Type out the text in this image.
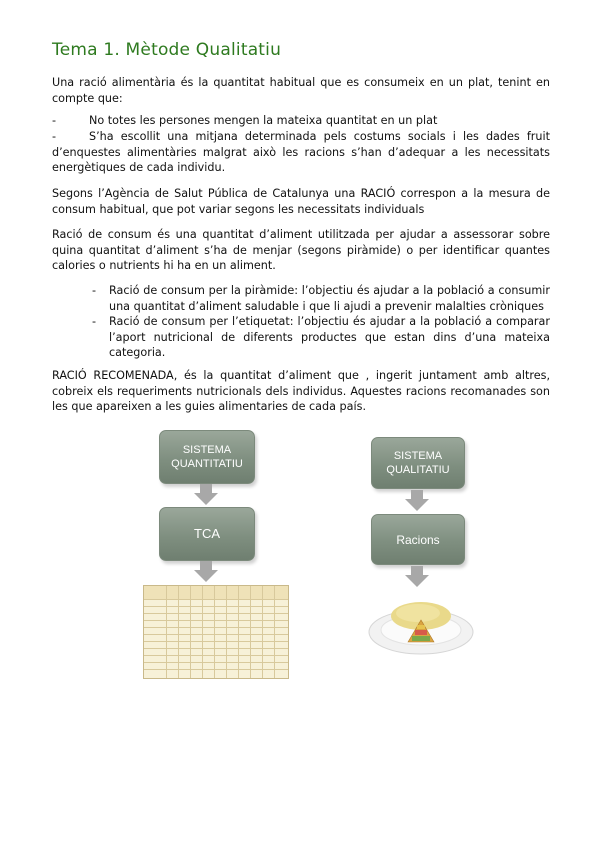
Tema 1. Mètode Qualitatiu

Una ració alimentària és la quantitat habitual que es consumeix en un plat, tenint en compte que:

-	No totes les persones mengen la mateixa quantitat en un plat
-	S’ha escollit una mitjana determinada pels costums socials i les dades fruit d’enquestes alimentàries malgrat això les racions s’han d’adequar a les necessitats energètiques de cada individu.

Segons l’Agència de Salut Pública de Catalunya una RACIÓ correspon a la mesura de consum habitual, que pot variar segons les necessitats individuals

Ració de consum és una quantitat d’aliment utilitzada per ajudar a assessorar sobre quina quantitat d’aliment s’ha de menjar (segons piràmide) o per identificar quantes calories o nutrients hi ha en un aliment.

-	Ració de consum per la piràmide: l’objectiu és ajudar a la població a consumir una quantitat d’aliment saludable i que li ajudi a prevenir malalties cròniques
-	Ració de consum per l’etiquetat: l’objectiu és ajudar a la població a comparar l’aport nutricional de diferents productes que estan dins d’una mateixa categoria.

RACIÓ RECOMENADA, és la quantitat d’aliment que , ingerit juntament amb altres, cobreix els requeriments nutricionals dels individus. Aquestes racions recomanades son les que apareixen a les guies alimentaries de cada país.

SISTEMA QUANTITATIU
TCA
SISTEMA QUALITATIU
Racions
